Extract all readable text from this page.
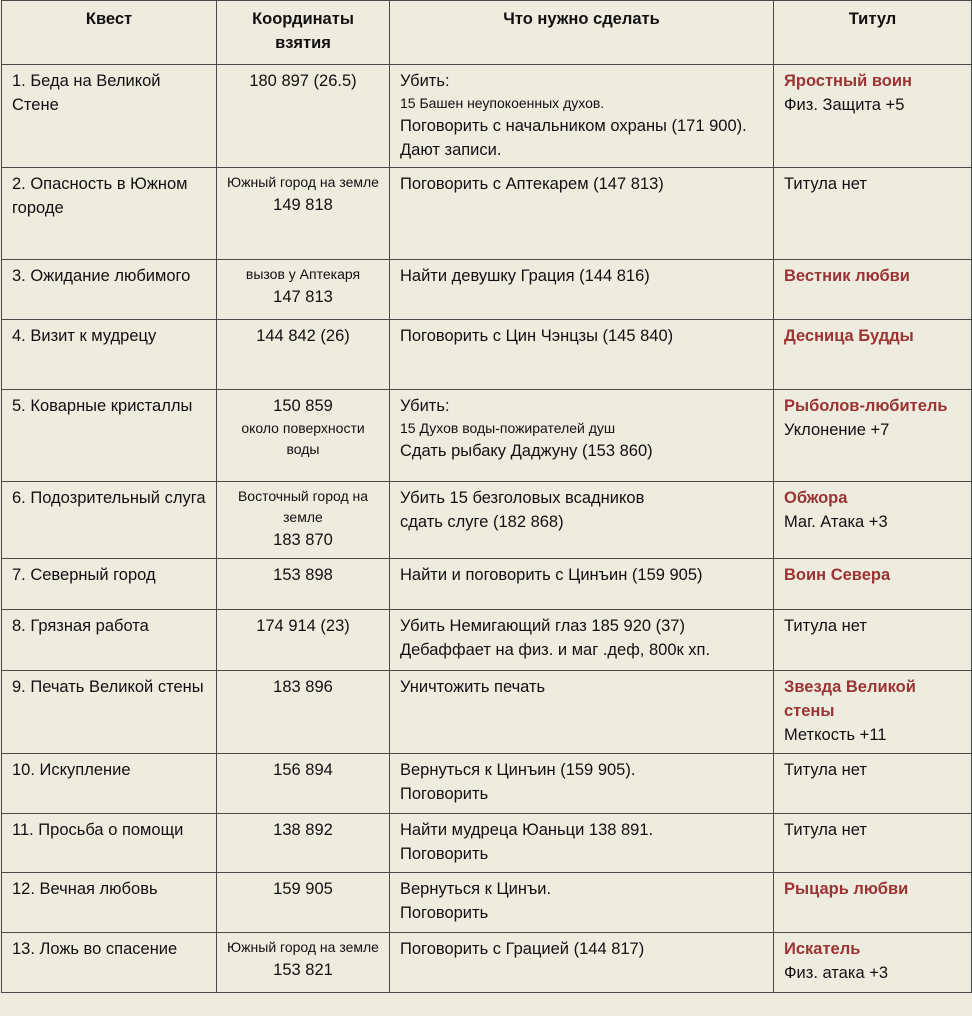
Квест	Координаты взятия	Что нужно сделать	Титул
1. Беда на Великой Стене	180 897 (26.5)	Убить:
15 Башен неупокоенных духов.
Поговорить с начальником охраны (171 900). Дают записи.	Яростный воин
Физ. Защита +5

2. Опасность в Южном городе	Южный город на земле
149 818	Поговорить с Аптекарем (147 813)	Титула нет

3. Ожидание любимого	вызов у Аптекаря
147 813	Найти девушку Грация (144 816)	Вестник любви

4. Визит к мудрецу	144 842 (26)	Поговорить с Цин Чэнцзы (145 840)	Десница Будды

5. Коварные кристаллы	150 859
около поверхности воды	Убить:
15 Духов воды-пожирателей душ
Сдать рыбаку Даджуну (153 860)	Рыболов-любитель
Уклонение +7

6. Подозрительный слуга	Восточный город на земле
183 870	Убить 15 безголовых всадников
сдать слуге (182 868)	Обжора
Маг. Атака +3

7. Северный город	153 898	Найти и поговорить с Цинъин (159 905)	Воин Севера

8. Грязная работа	174 914 (23)	Убить Немигающий глаз 185 920 (37)
Дебаффает на физ. и маг .деф, 800к хп.	Титула нет

9. Печать Великой стены	183 896	Уничтожить печать	Звезда Великой стены
Меткость +11

10. Искупление	156 894	Вернуться к Цинъин (159 905).
Поговорить	Титула нет

11. Просьба о помощи	138 892	Найти мудреца Юаньци 138 891.
Поговорить	Титула нет

12. Вечная любовь	159 905	Вернуться к Цинъи.
Поговорить	Рыцарь любви

13. Ложь во спасение	Южный город на земле
153 821	Поговорить с Грацией (144 817)	Искатель
Физ. атака +3
